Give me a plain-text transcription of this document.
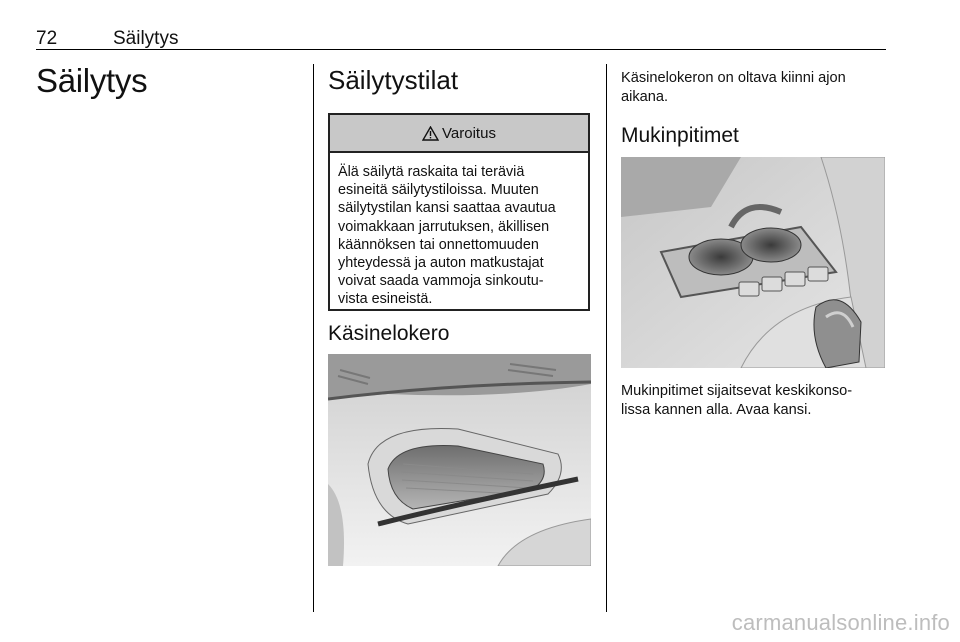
72	Säilytys
Säilytys	Säilytystilat
Varoitus
Älä säilytä raskaita tai teräviä
esineitä säilytystiloissa. Muuten
säilytystilan kansi saattaa avautua
voimakkaan jarrutuksen, äkillisen
käännöksen tai onnettomuuden
yhteydessä ja auton matkustajat
voivat saada vammoja sinkoutu-
vista esineistä.
Käsinelokero
Käsinelokeron on oltava kiinni ajon
aikana.
Mukinpitimet
Mukinpitimet sijaitsevat keskikonso-
lissa kannen alla. Avaa kansi.
carmanualsonline.info
